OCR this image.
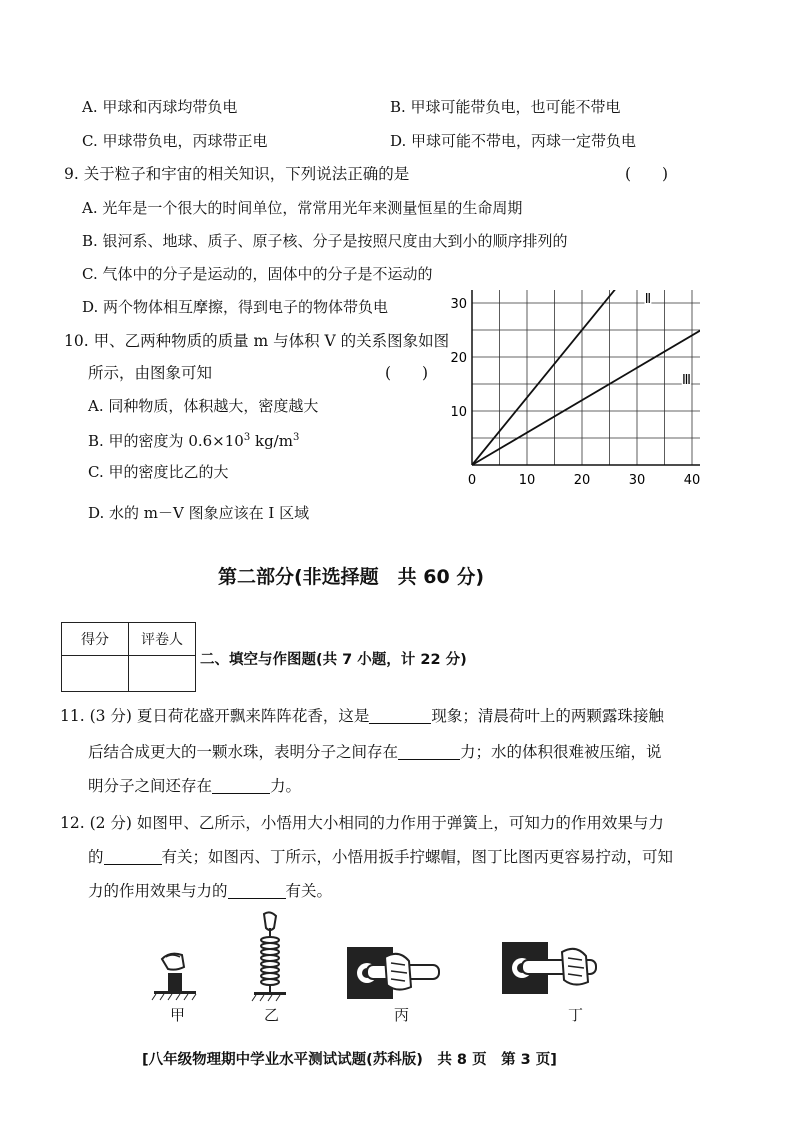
A. 甲球和丙球均带负电	B. 甲球可能带负电，也可能不带电
C. 甲球带负电，丙球带正电	D. 甲球可能不带电，丙球一定带负电
9. 关于粒子和宇宙的相关知识，下列说法正确的是	(　　)
A. 光年是一个很大的时间单位，常常用光年来测量恒星的生命周期
B. 银河系、地球、质子、原子核、分子是按照尺度由大到小的顺序排列的
C. 气体中的分子是运动的，固体中的分子是不运动的
D. 两个物体相互摩擦，得到电子的物体带负电
10. 甲、乙两种物质的质量 m 与体积 V 的关系图象如图
所示，由图象可知	(　　)
A. 同种物质，体积越大，密度越大
B. 甲的密度为 $0.6\times 10^3$ $kg/m^3$
C. 甲的密度比乙的大
D. 水的 m－V 图象应该在 Ⅰ 区域
0	10	20	30	40
10
20
30	Ⅱ
Ⅲ
第二部分(非选择题　共 60 分)
得分	评卷人

二、填空与作图题(共 7 小题，计 22 分)
11. (3 分) 夏日荷花盛开飘来阵阵花香，这是	现象；清晨荷叶上的两颗露珠接触
后结合成更大的一颗水珠，表明分子之间存在	力；水的体积很难被压缩，说
明分子之间还存在	力。
12. (2 分) 如图甲、乙所示，小悟用大小相同的力作用于弹簧上，可知力的作用效果与力
的	有关；如图丙、丁所示，小悟用扳手拧螺帽，图丁比图丙更容易拧动，可知
力的作用效果与力的	有关。
甲	乙	丙	丁
[八年级物理期中学业水平测试试题(苏科版)　共 8 页　第 3 页]
